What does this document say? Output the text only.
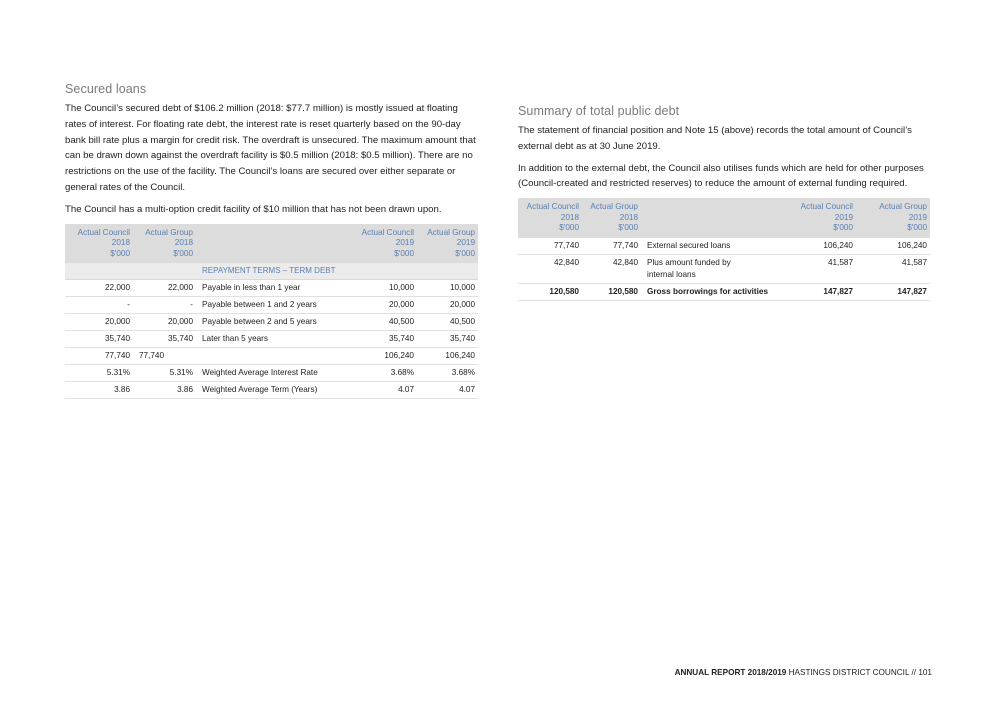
Secured loans

The Council’s secured debt of $106.2 million (2018: $77.7 million) is mostly issued at floating rates of interest. For floating rate debt, the interest rate is reset quarterly based on the 90-day bank bill rate plus a margin for credit risk. The overdraft is unsecured. The maximum amount that can be drawn down against the overdraft facility is $0.5 million (2018: $0.5 million). There are no restrictions on the use of the facility. The Council’s loans are secured over either separate or general rates of the Council.

The Council has a multi-option credit facility of $10 million that has not been drawn upon.

Actual Council
2018
$'000	Actual Group
2018
$'000		Actual Council
2019
$'000	Actual Group
2019
$'000
		REPAYMENT TERMS – TERM DEBT		
22,000	22,000	Payable in less than 1 year	10,000	10,000
-	-	Payable between 1 and 2 years	20,000	20,000
20,000	20,000	Payable between 2 and 5 years	40,500	40,500
35,740	35,740	Later than 5 years	35,740	35,740
77,740	77,740		106,240	106,240
5.31%	5.31%	Weighted Average Interest Rate	3.68%	3.68%
3.86	3.86	Weighted Average Term (Years)	4.07	4.07
Summary of total public debt

The statement of financial position and Note 15 (above) records the total amount of Council’s external debt as at 30 June 2019.

In addition to the external debt, the Council also utilises funds which are held for other purposes (Council-created and restricted reserves) to reduce the amount of external funding required.

Actual Council
2018
$'000	Actual Group
2018
$'000		Actual Council
2019
$'000	Actual Group
2019
$'000
77,740	77,740	External secured loans	106,240	106,240
42,840	42,840	Plus amount funded by
internal loans	41,587	41,587
120,580	120,580	Gross borrowings for activities	147,827	147,827
ANNUAL REPORT 2018/2019 HASTINGS DISTRICT COUNCIL // 101
